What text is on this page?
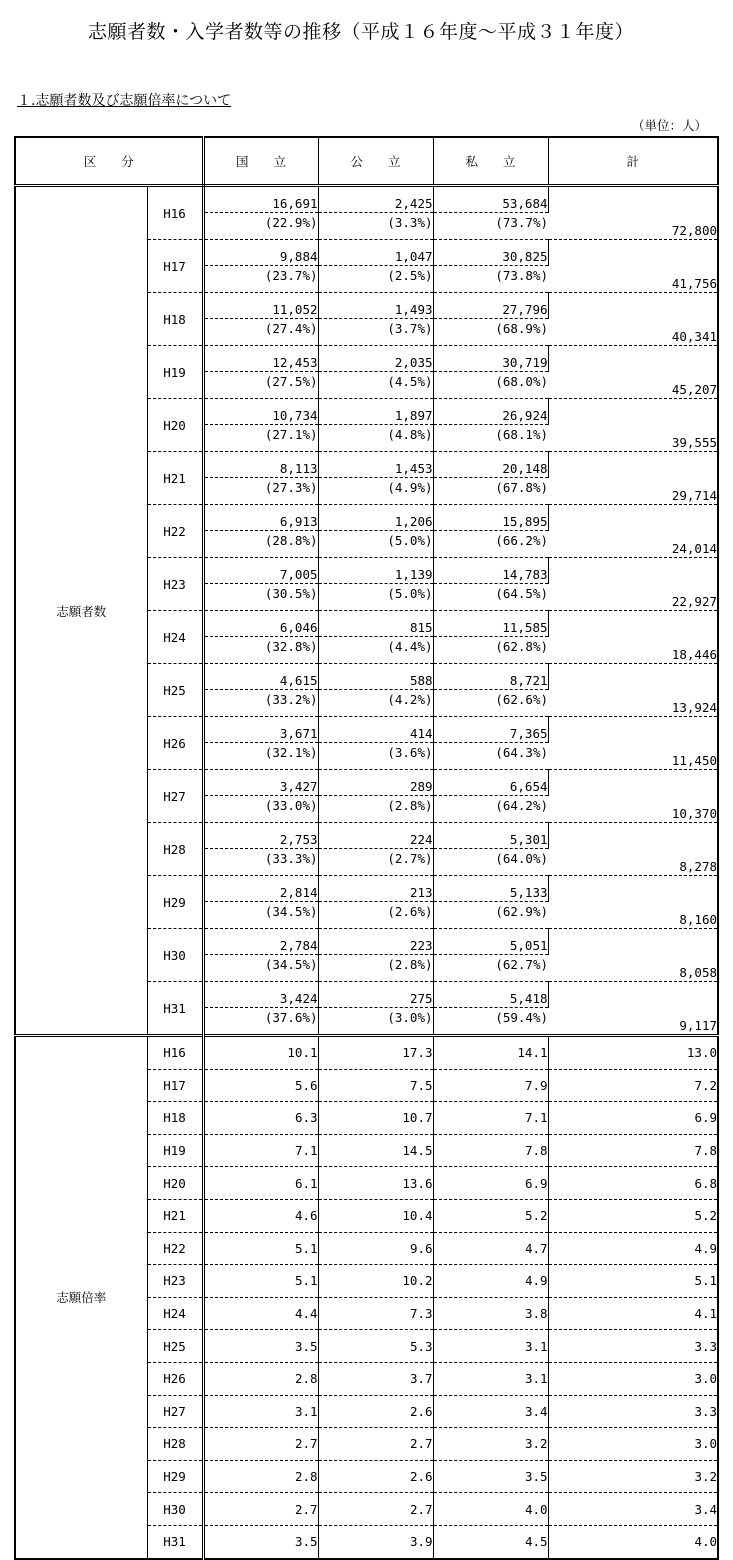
志願者数・入学者数等の推移（平成１６年度～平成３１年度）
１.志願者数及び志願倍率について
（単位：人）
区　　分		国　　立	公　　立	私　　立	計
志願者数	H16	16,691	2,425	53,684	72,800
		(22.9%)	(3.3%)	(73.7%)	
	H17	9,884	1,047	30,825	41,756
		(23.7%)	(2.5%)	(73.8%)	
	H18	11,052	1,493	27,796	40,341
		(27.4%)	(3.7%)	(68.9%)	
	H19	12,453	2,035	30,719	45,207
		(27.5%)	(4.5%)	(68.0%)	
	H20	10,734	1,897	26,924	39,555
		(27.1%)	(4.8%)	(68.1%)	
	H21	8,113	1,453	20,148	29,714
		(27.3%)	(4.9%)	(67.8%)	
	H22	6,913	1,206	15,895	24,014
		(28.8%)	(5.0%)	(66.2%)	
	H23	7,005	1,139	14,783	22,927
		(30.5%)	(5.0%)	(64.5%)	
	H24	6,046	815	11,585	18,446
		(32.8%)	(4.4%)	(62.8%)	
	H25	4,615	588	8,721	13,924
		(33.2%)	(4.2%)	(62.6%)	
	H26	3,671	414	7,365	11,450
		(32.1%)	(3.6%)	(64.3%)	
	H27	3,427	289	6,654	10,370
		(33.0%)	(2.8%)	(64.2%)	
	H28	2,753	224	5,301	8,278
		(33.3%)	(2.7%)	(64.0%)	
	H29	2,814	213	5,133	8,160
		(34.5%)	(2.6%)	(62.9%)	
	H30	2,784	223	5,051	8,058
		(34.5%)	(2.8%)	(62.7%)	
	H31	3,424	275	5,418	9,117
		(37.6%)	(3.0%)	(59.4%)	
志願倍率	H16	10.1	17.3	14.1	13.0
	H17	5.6	7.5	7.9	7.2
	H18	6.3	10.7	7.1	6.9
	H19	7.1	14.5	7.8	7.8
	H20	6.1	13.6	6.9	6.8
	H21	4.6	10.4	5.2	5.2
	H22	5.1	9.6	4.7	4.9
	H23	5.1	10.2	4.9	5.1
	H24	4.4	7.3	3.8	4.1
	H25	3.5	5.3	3.1	3.3
	H26	2.8	3.7	3.1	3.0
	H27	3.1	2.6	3.4	3.3
	H28	2.7	2.7	3.2	3.0
	H29	2.8	2.6	3.5	3.2
	H30	2.7	2.7	4.0	3.4
	H31	3.5	3.9	4.5	4.0
